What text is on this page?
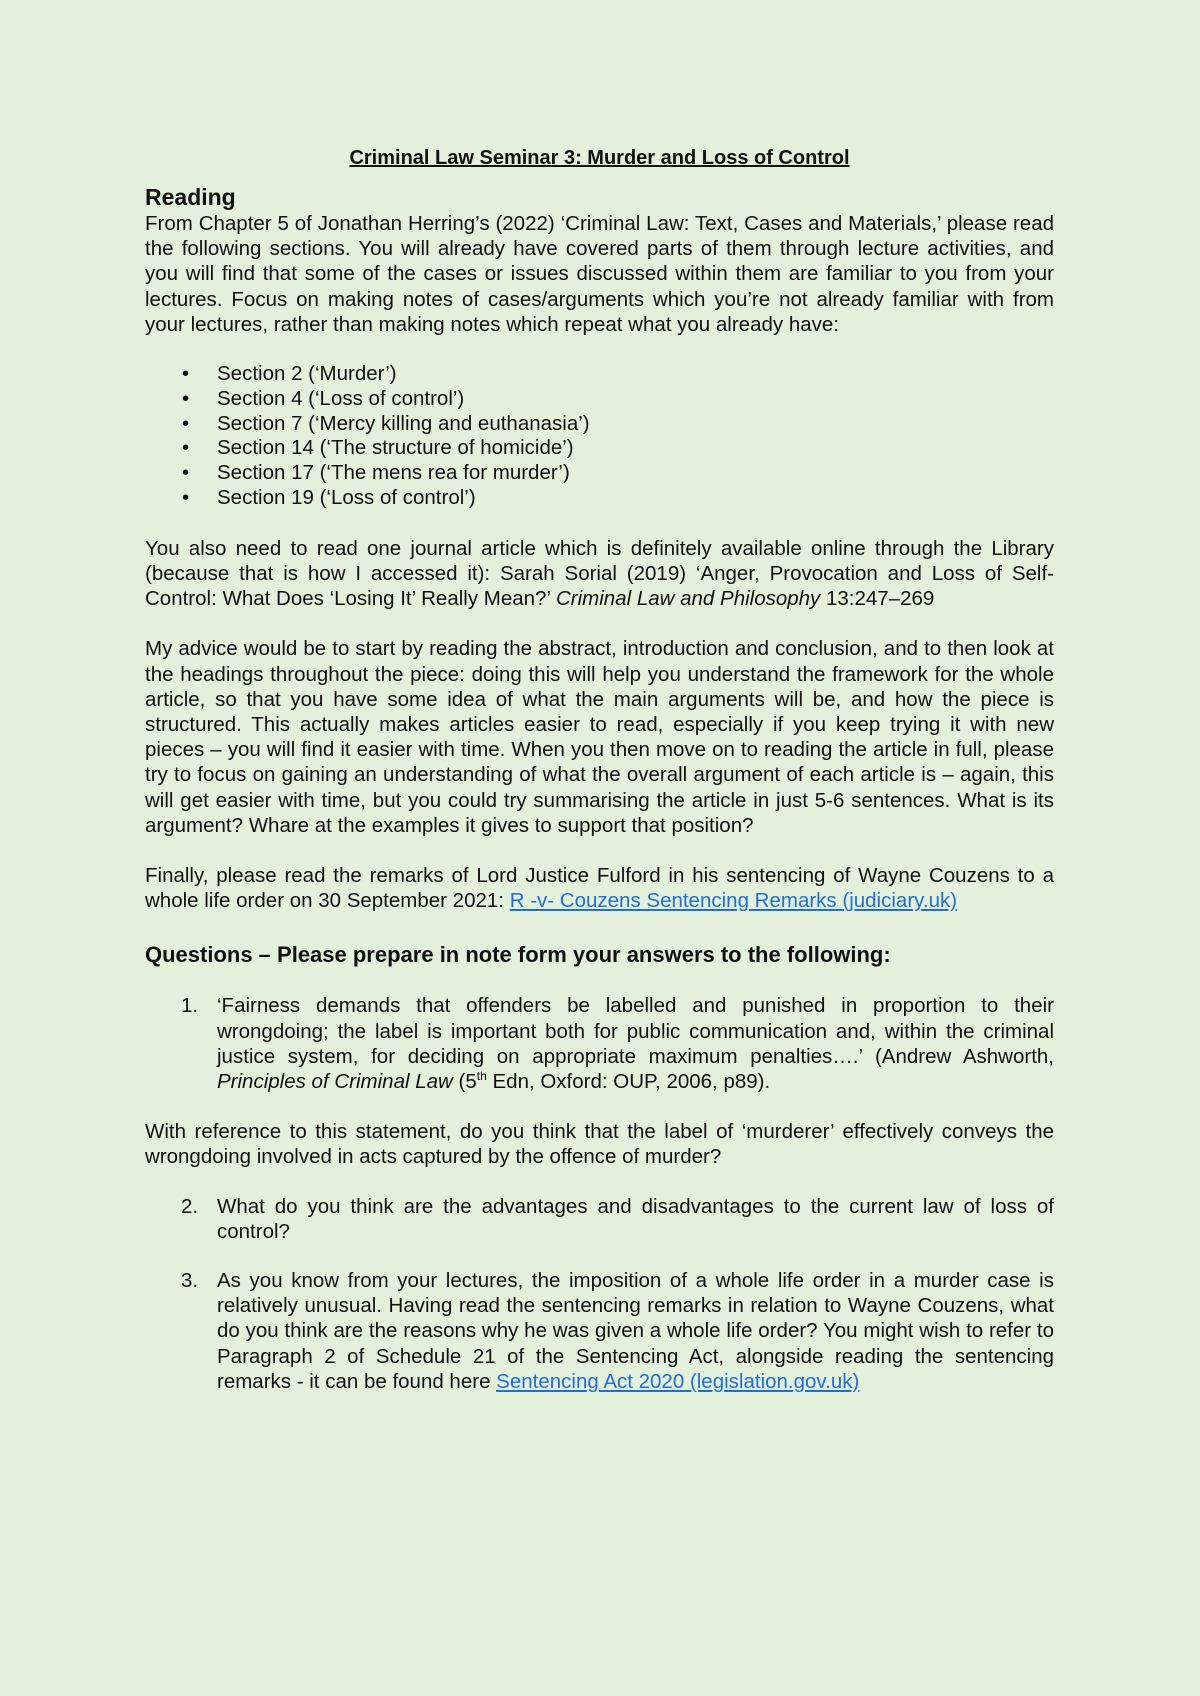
Criminal Law Seminar 3: Murder and Loss of Control
Reading

From Chapter 5 of Jonathan Herring’s (2022) ‘Criminal Law: Text, Cases and Materials,’ please read the following sections. You will already have covered parts of them through lecture activities, and you will find that some of the cases or issues discussed within them are familiar to you from your lectures. Focus on making notes of cases/arguments which you’re not already familiar with from your lectures, rather than making notes which repeat what you already have:

• Section 2 (‘Murder’)
• Section 4 (‘Loss of control’)
• Section 7 (‘Mercy killing and euthanasia’)
• Section 14 (‘The structure of homicide’)
• Section 17 (‘The mens rea for murder’)
• Section 19 (‘Loss of control’)

You also need to read one journal article which is definitely available online through the Library (because that is how I accessed it): Sarah Sorial (2019) ‘Anger, Provocation and Loss of Self-Control: What Does ‘Losing It’ Really Mean?’ Criminal Law and Philosophy 13:247–269

My advice would be to start by reading the abstract, introduction and conclusion, and to then look at the headings throughout the piece: doing this will help you understand the framework for the whole article, so that you have some idea of what the main arguments will be, and how the piece is structured. This actually makes articles easier to read, especially if you keep trying it with new pieces – you will find it easier with time. When you then move on to reading the article in full, please try to focus on gaining an understanding of what the overall argument of each article is – again, this will get easier with time, but you could try summarising the article in just 5-6 sentences. What is its argument? Whare at the examples it gives to support that position?

Finally, please read the remarks of Lord Justice Fulford in his sentencing of Wayne Couzens to a whole life order on 30 September 2021: R -v- Couzens Sentencing Remarks (judiciary.uk)

Questions – Please prepare in note form your answers to the following:
1. ‘Fairness demands that offenders be labelled and punished in proportion to their wrongdoing; the label is important both for public communication and, within the criminal justice system, for deciding on appropriate maximum penalties….’ (Andrew Ashworth, Principles of Criminal Law (5th Edn, Oxford: OUP, 2006, p89).

With reference to this statement, do you think that the label of ‘murderer’ effectively conveys the wrongdoing involved in acts captured by the offence of murder?

2. What do you think are the advantages and disadvantages to the current law of loss of control?

3. As you know from your lectures, the imposition of a whole life order in a murder case is relatively unusual. Having read the sentencing remarks in relation to Wayne Couzens, what do you think are the reasons why he was given a whole life order? You might wish to refer to Paragraph 2 of Schedule 21 of the Sentencing Act, alongside reading the sentencing remarks - it can be found here Sentencing Act 2020 (legislation.gov.uk)
